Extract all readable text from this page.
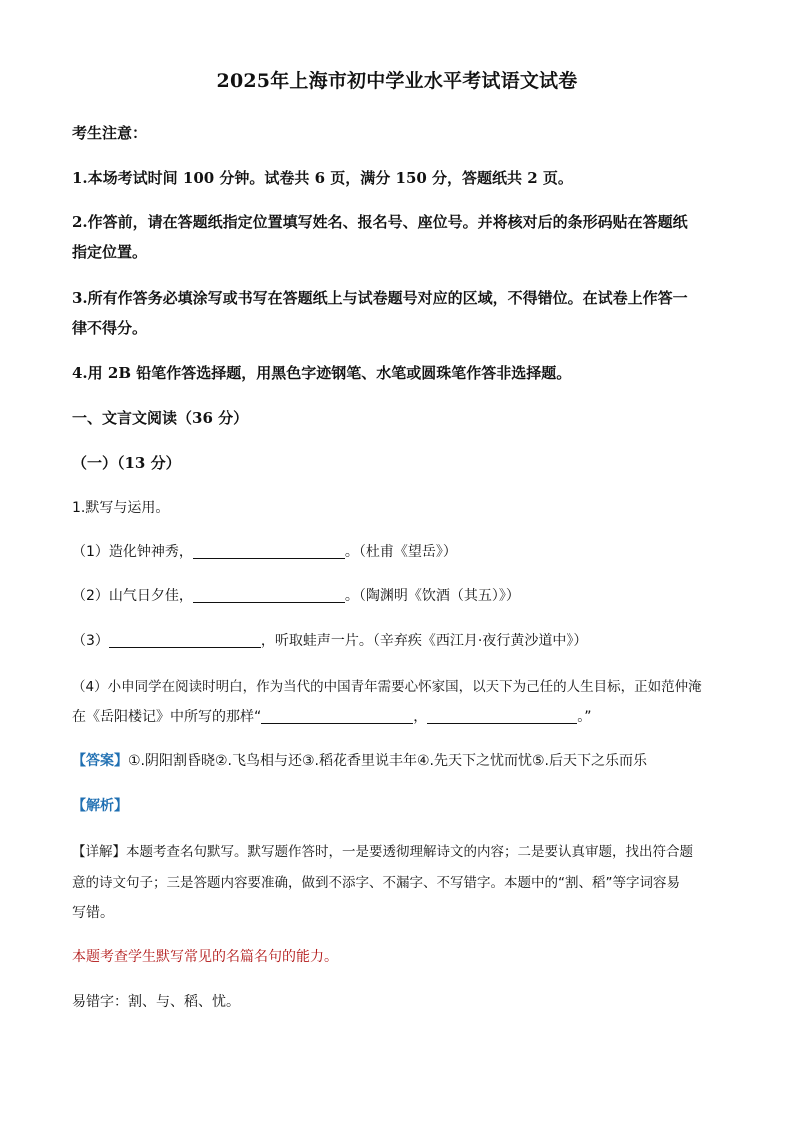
2025年上海市初中学业水平考试语文试卷
考生注意：
1.本场考试时间 100 分钟。试卷共 6 页，满分 150 分，答题纸共 2 页。
2.作答前，请在答题纸指定位置填写姓名、报名号、座位号。并将核对后的条形码贴在答题纸
指定位置。
3.所有作答务必填涂写或书写在答题纸上与试卷题号对应的区域，不得错位。在试卷上作答一
律不得分。
4.用 2B 铅笔作答选择题，用黑色字迹钢笔、水笔或圆珠笔作答非选择题。
一、文言文阅读（36 分）
（一）（13 分）
1.默写与运用。
（1）造化钟神秀，	。（杜甫《望岳》）
（2）山气日夕佳，	。（陶渊明《饮酒（其五）》）
（3）	，听取蛙声一片。（辛弃疾《西江月·夜行黄沙道中》）
（4）小申同学在阅读时明白，作为当代的中国青年需要心怀家国，以天下为己任的人生目标，正如范仲淹
在《岳阳楼记》中所写的那样“	，	。”
【答案】①.阴阳割昏晓②.飞鸟相与还③.稻花香里说丰年④.先天下之忧而忧⑤.后天下之乐而乐
【解析】
【详解】本题考查名句默写。默写题作答时，一是要透彻理解诗文的内容；二是要认真审题，找出符合题
意的诗文句子；三是答题内容要准确，做到不添字、不漏字、不写错字。本题中的“割、稻”等字词容易
写错。
本题考查学生默写常见的名篇名句的能力。
易错字：割、与、稻、忧。
